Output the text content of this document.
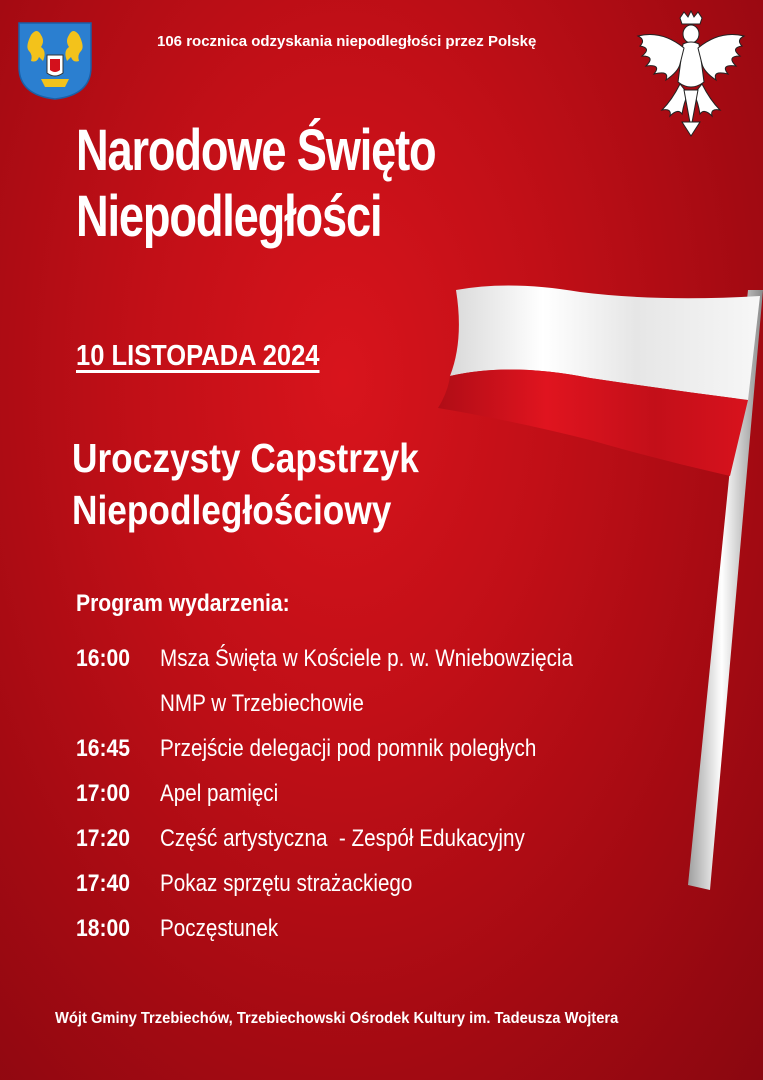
106 rocznica odzyskania niepodległości przez Polskę
Narodowe Święto
Niepodległości
10 LISTOPADA 2024
Uroczysty Capstrzyk
Niepodległościowy
Program wydarzenia:
16:00	Msza Święta w Kościele p. w. Wniebowzięcia
NMP w Trzebiechowie
16:45	Przejście delegacji pod pomnik poległych
17:00	Apel pamięci
17:20	Część artystyczna  - Zespół Edukacyjny
17:40	Pokaz sprzętu strażackiego
18:00	Poczęstunek
Wójt Gminy Trzebiechów, Trzebiechowski Ośrodek Kultury im. Tadeusza Wojtera
